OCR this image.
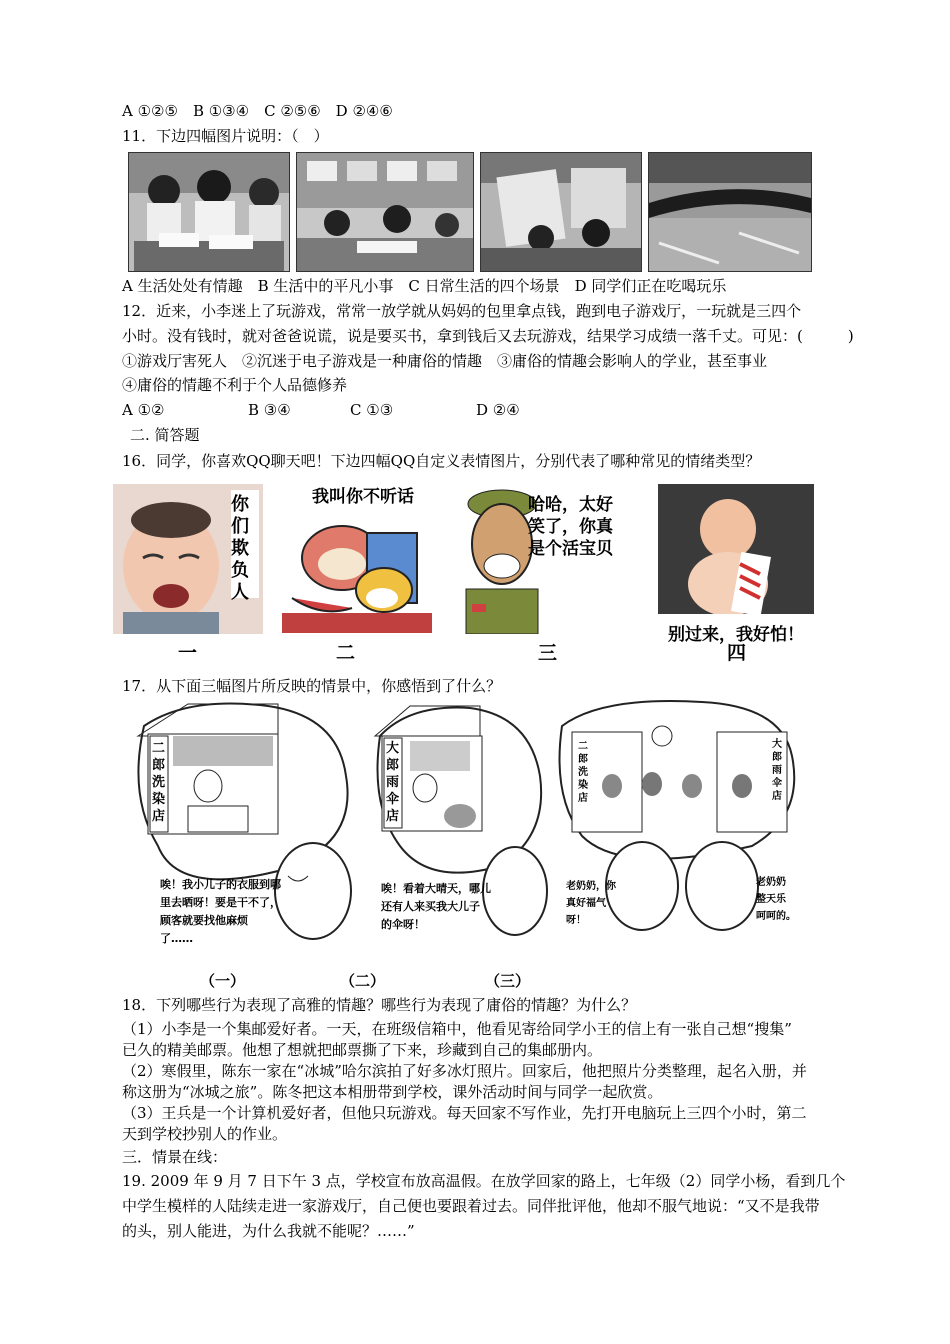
A ①②⑤　B ①③④　C ②⑤⑥　D ②④⑥
11．下边四幅图片说明：（　）
A 生活处处有情趣　B 生活中的平凡小事　C 日常生活的四个场景　D 同学们正在吃喝玩乐
12．近来，小李迷上了玩游戏，常常一放学就从妈妈的包里拿点钱，跑到电子游戏厅，一玩就是三四个
小时。没有钱时，就对爸爸说谎，说是要买书，拿到钱后又去玩游戏，结果学习成绩一落千丈。可见：(　　　)
①游戏厅害死人　②沉迷于电子游戏是一种庸俗的情趣　③庸俗的情趣会影响人的学业，甚至事业
④庸俗的情趣不利于个人品德修养
A ①②	B ③④	C ①③	D ②④
二. 简答题
16．同学，你喜欢QQ聊天吧！下边四幅QQ自定义表情图片，分别代表了哪种常见的情绪类型？
你
们
欺
负
人
我叫你不听话	哈哈，太好
笑了，你真
是个活宝贝
别过来，我好怕！
一	二	三	四
17．从下面三幅图片所反映的情景中，你感悟到了什么？
二
郎
洗
染
店
唉！我小儿子的衣服到哪
里去晒呀！要是干不了，
顾客就要找他麻烦
了……
大
郎
雨
伞
店
唉！看着大晴天，哪儿
还有人来买我大儿子
的伞呀！
二
郎
洗
染
店
大
郎
雨
伞
店
老奶奶，你
真好福气
呀！
老奶奶
整天乐
呵呵的。
（一）	（二）	（三）
18．下列哪些行为表现了高雅的情趣？哪些行为表现了庸俗的情趣？为什么？
（1）小李是一个集邮爱好者。一天，在班级信箱中，他看见寄给同学小王的信上有一张自己想“搜集”
已久的精美邮票。他想了想就把邮票撕了下来，珍藏到自己的集邮册内。
（2）寒假里，陈东一家在“冰城”哈尔滨拍了好多冰灯照片。回家后，他把照片分类整理，起名入册，并
称这册为“冰城之旅”。陈冬把这本相册带到学校，课外活动时间与同学一起欣赏。
（3）王兵是一个计算机爱好者，但他只玩游戏。每天回家不写作业，先打开电脑玩上三四个小时，第二
天到学校抄别人的作业。
三．情景在线：
19. 2009 年 9 月 7 日下午 3 点，学校宣布放高温假。在放学回家的路上，七年级（2）同学小杨，看到几个
中学生模样的人陆续走进一家游戏厅，自己便也要跟着过去。同伴批评他，他却不服气地说：“又不是我带
的头，别人能进，为什么我就不能呢？……”
